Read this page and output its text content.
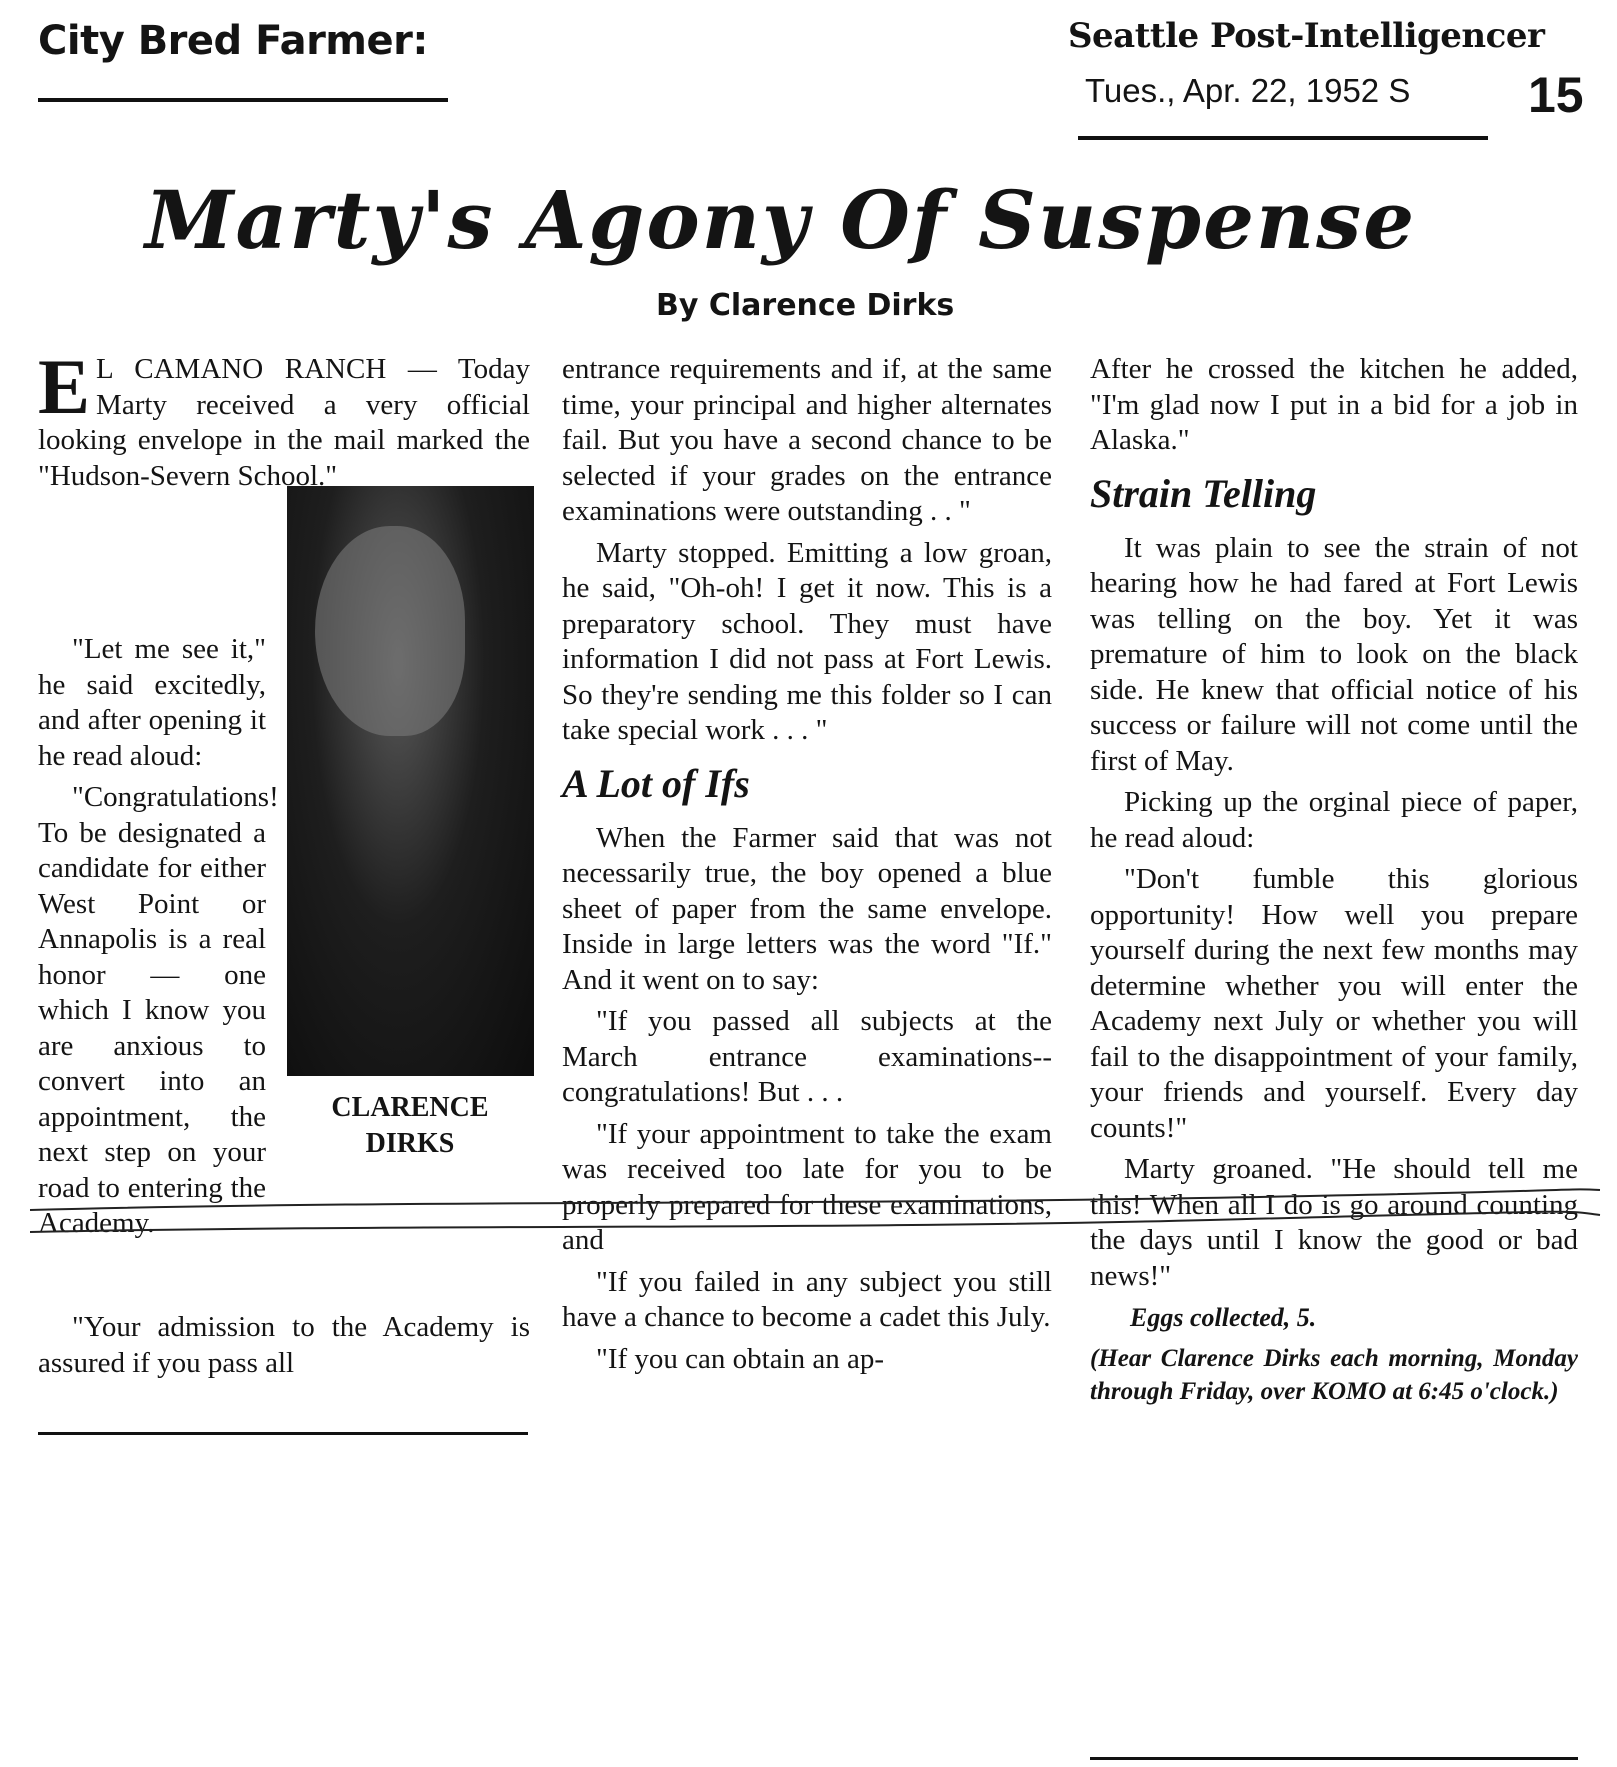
City Bred Farmer:	Seattle Post-Intelligencer
Tues., Apr. 22, 1952 S 15
Marty's Agony Of Suspense
By Clarence Dirks
CLARENCE
DIRKS

E L CAMANO RANCH — Today Marty received a very official looking envelope in the mail marked the "Hudson-Severn School."

"Let me see it," he said excitedly, and after opening it he read aloud:

"Congratulations! To be designated a candidate for either West Point or Annapolis is a real honor — one which I know you are anxious to convert into an appointment, the next step on your road to entering the Academy.

"Your admission to the Academy is assured if you pass all

entrance requirements and if, at the same time, your principal and higher alternates fail. But you have a second chance to be selected if your grades on the entrance examinations were outstanding . . "

Marty stopped. Emitting a low groan, he said, "Oh-oh! I get it now. This is a preparatory school. They must have information I did not pass at Fort Lewis. So they're sending me this folder so I can take special work . . . "

A Lot of Ifs

When the Farmer said that was not necessarily true, the boy opened a blue sheet of paper from the same envelope. Inside in large letters was the word "If." And it went on to say:

"If you passed all subjects at the March entrance examinations--congratulations! But . . .

"If your appointment to take the exam was received too late for you to be properly prepared for these examinations, and

"If you failed in any subject you still have a chance to become a cadet this July.

"If you can obtain an ap-

After he crossed the kitchen he added, "I'm glad now I put in a bid for a job in Alaska."

Strain Telling

It was plain to see the strain of not hearing how he had fared at Fort Lewis was telling on the boy. Yet it was premature of him to look on the black side. He knew that official notice of his success or failure will not come until the first of May.

Picking up the orginal piece of paper, he read aloud:

"Don't fumble this glorious opportunity! How well you prepare yourself during the next few months may determine whether you will enter the Academy next July or whether you will fail to the disappointment of your family, your friends and yourself. Every day counts!"

Marty groaned. "He should tell me this! When all I do is go around counting the days until I know the good or bad news!"

Eggs collected, 5.

(Hear Clarence Dirks each morning, Monday through Friday, over KOMO at 6:45 o'clock.)
